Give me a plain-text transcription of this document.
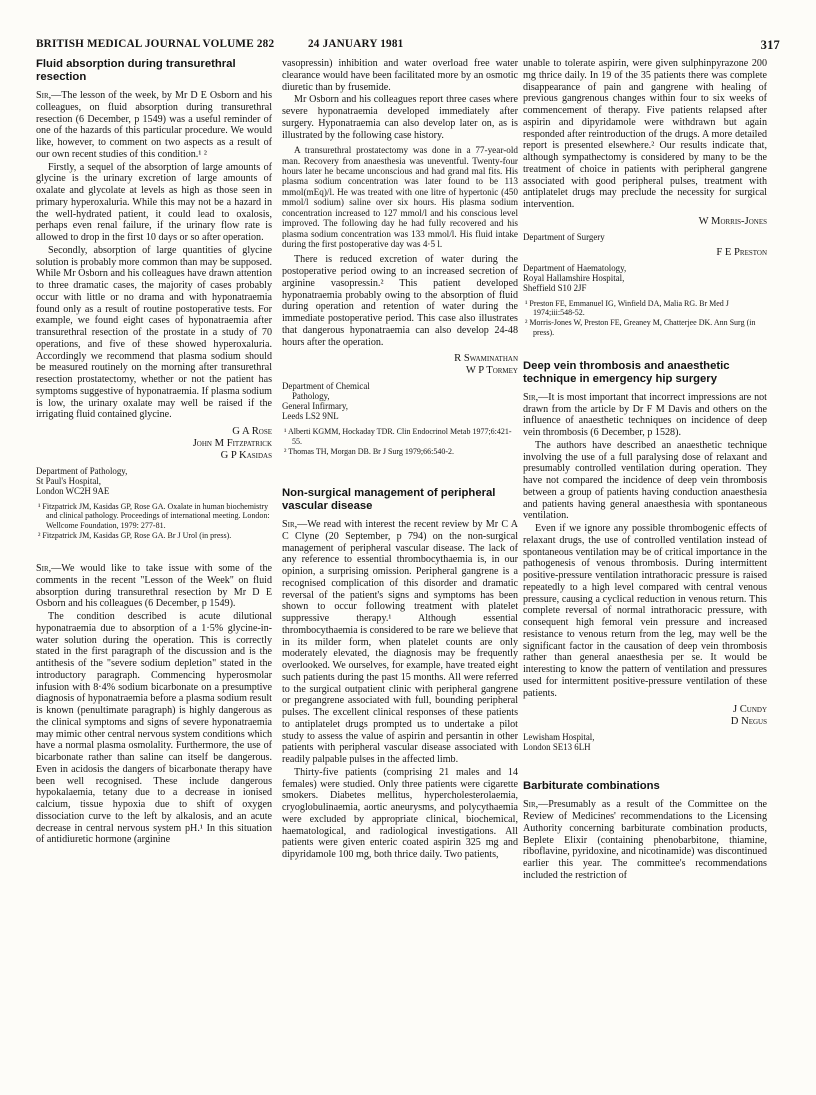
BRITISH MEDICAL JOURNAL VOLUME 282	24 JANUARY 1981	317
Fluid absorption during transurethral resection

Sir,—The lesson of the week, by Mr D E Osborn and his colleagues, on fluid absorption during transurethral resection (6 December, p 1549) was a useful reminder of one of the hazards of this particular procedure. We would like, however, to comment on two aspects as a result of our own recent studies of this condition.¹ ²

Firstly, a sequel of the absorption of large amounts of glycine is the urinary excretion of large amounts of oxalate and glycolate at levels as high as those seen in primary hyperoxaluria. While this may not be a hazard in the well-hydrated patient, it could lead to oxalosis, perhaps even renal failure, if the urinary flow rate is allowed to drop in the first 10 days or so after operation.

Secondly, absorption of large quantities of glycine solution is probably more common than may be supposed. While Mr Osborn and his colleagues have drawn attention to three dramatic cases, the majority of cases probably occur with little or no drama and with hyponatraemia found only as a result of routine postoperative tests. For example, we found eight cases of hyponatraemia after transurethral resection of the prostate in a study of 70 operations, and five of these showed hyperoxaluria. Accordingly we recommend that plasma sodium should be measured routinely on the morning after transurethral resection prostatectomy, whether or not the patient has symptoms suggestive of hyponatraemia. If plasma sodium is low, the urinary oxalate may well be raised if the irrigating fluid contained glycine.

G A Rose
John M Fitzpatrick
G P Kasidas
Department of Pathology,
St Paul's Hospital,
London WC2H 9AE
¹ Fitzpatrick JM, Kasidas GP, Rose GA. Oxalate in human biochemistry and clinical pathology. Proceedings of international meeting. London: Wellcome Foundation, 1979: 277-81.
² Fitzpatrick JM, Kasidas GP, Rose GA. Br J Urol (in press).

Sir,—We would like to take issue with some of the comments in the recent "Lesson of the Week" on fluid absorption during transurethral resection by Mr D E Osborn and his colleagues (6 December, p 1549).

The condition described is acute dilutional hyponatraemia due to absorption of a 1·5% glycine-in-water solution during the operation. This is correctly stated in the first paragraph of the discussion and is the antithesis of the "severe sodium depletion" stated in the introductory paragraph. Commencing hyperosmolar infusion with 8·4% sodium bicarbonate on a presumptive diagnosis of hyponatraemia before a plasma sodium result is known (penultimate paragraph) is highly dangerous as the clinical symptoms and signs of severe hyponatraemia may mimic other central nervous system conditions which have a normal plasma osmolality. Furthermore, the use of bicarbonate rather than saline can itself be dangerous. Even in acidosis the dangers of bicarbonate therapy have been well recognised. These include dangerous hypokalaemia, tetany due to a decrease in ionised calcium, tissue hypoxia due to shift of oxygen dissociation curve to the left by alkalosis, and an acute decrease in central nervous system pH.¹ In this situation of antidiuretic hormone (arginine

vasopressin) inhibition and water overload free water clearance would have been facilitated more by an osmotic diuretic than by frusemide.

Mr Osborn and his colleagues report three cases where severe hyponatraemia developed immediately after surgery. Hyponatraemia can also develop later on, as is illustrated by the following case history.

A transurethral prostatectomy was done in a 77-year-old man. Recovery from anaesthesia was uneventful. Twenty-four hours later he became unconscious and had grand mal fits. His plasma sodium concentration was later found to be 113 mmol(mEq)/l. He was treated with one litre of hypertonic (450 mmol/l sodium) saline over six hours. His plasma sodium concentration increased to 127 mmol/l and his conscious level improved. The following day he had fully recovered and his plasma sodium concentration was 133 mmol/l. His fluid intake during the first postoperative day was 4·5 l.

There is reduced excretion of water during the postoperative period owing to an increased secretion of arginine vasopressin.² This patient developed hyponatraemia probably owing to the absorption of fluid during operation and retention of water during the immediate postoperative period. This case also illustrates that dangerous hyponatraemia can also develop 24-48 hours after the operation.

R Swaminathan
W P Tormey
Department of Chemical
Pathology,
General Infirmary,
Leeds LS2 9NL
¹ Alberti KGMM, Hockaday TDR. Clin Endocrinol Metab 1977;6:421-55.
² Thomas TH, Morgan DB. Br J Surg 1979;66:540-2.
Non-surgical management of peripheral vascular disease

Sir,—We read with interest the recent review by Mr C A C Clyne (20 September, p 794) on the non-surgical management of peripheral vascular disease. The lack of any reference to essential thrombocythaemia is, in our opinion, a surprising omission. Peripheral gangrene is a recognised complication of this disorder and dramatic reversal of the patient's signs and symptoms has been shown to occur following treatment with platelet suppressive therapy.¹ Although essential thrombocythaemia is considered to be rare we believe that in its milder form, when platelet counts are only moderately elevated, the diagnosis may be frequently overlooked. We ourselves, for example, have treated eight such patients during the past 15 months. All were referred to the surgical outpatient clinic with peripheral gangrene or pregangrene associated with full, bounding peripheral pulses. The excellent clinical responses of these patients to antiplatelet drugs prompted us to undertake a pilot study to assess the value of aspirin and persantin in other patients with peripheral vascular disease associated with readily palpable pulses in the affected limb.

Thirty-five patients (comprising 21 males and 14 females) were studied. Only three patients were cigarette smokers. Diabetes mellitus, hypercholesterolaemia, cryoglobulinaemia, aortic aneurysms, and polycythaemia were excluded by appropriate clinical, biochemical, haematological, and radiological investigations. All patients were given enteric coated aspirin 325 mg and dipyridamole 100 mg, both thrice daily. Two patients,

unable to tolerate aspirin, were given sulphinpyrazone 200 mg thrice daily. In 19 of the 35 patients there was complete disappearance of pain and gangrene with healing of previous gangrenous changes within four to six weeks of commencement of therapy. Five patients relapsed after aspirin and dipyridamole were withdrawn but again responded after reintroduction of the drugs. A more detailed report is presented elsewhere.² Our results indicate that, although sympathectomy is considered by many to be the treatment of choice in patients with peripheral gangrene associated with good peripheral pulses, treatment with antiplatelet drugs may preclude the necessity for surgical intervention.

W Morris-Jones
Department of Surgery
F E Preston
Department of Haematology,
Royal Hallamshire Hospital,
Sheffield S10 2JF
¹ Preston FE, Emmanuel IG, Winfield DA, Malia RG. Br Med J 1974;iii:548-52.
² Morris-Jones W, Preston FE, Greaney M, Chatterjee DK. Ann Surg (in press).
Deep vein thrombosis and anaesthetic technique in emergency hip surgery

Sir,—It is most important that incorrect impressions are not drawn from the article by Dr F M Davis and others on the influence of anaesthetic techniques on incidence of deep vein thrombosis (6 December, p 1528).

The authors have described an anaesthetic technique involving the use of a full paralysing dose of relaxant and presumably controlled ventilation during operation. They have not compared the incidence of deep vein thrombosis between a group of patients having conduction anaesthesia and patients having general anaesthesia with spontaneous ventilation.

Even if we ignore any possible thrombogenic effects of relaxant drugs, the use of controlled ventilation instead of spontaneous ventilation may be of critical importance in the pathogenesis of venous thrombosis. During intermittent positive-pressure ventilation intrathoracic pressure is raised repeatedly to a high level compared with central venous pressure, causing a cyclical reduction in venous return. This complete reversal of normal intrathoracic pressure, with consequent high femoral vein pressure and increased resistance to venous return from the leg, may well be the significant factor in the causation of deep vein thrombosis rather than general anaesthesia per se. It would be interesting to know the pattern of ventilation and pressures used for intermittent positive-pressure ventilation of these patients.

J Cundy
D Negus
Lewisham Hospital,
London SE13 6LH
Barbiturate combinations

Sir,—Presumably as a result of the Committee on the Review of Medicines' recommendations to the Licensing Authority concerning barbiturate combination products, Beplete Elixir (containing phenobarbitone, thiamine, riboflavine, pyridoxine, and nicotinamide) was discontinued earlier this year. The committee's recommendations included the restriction of
